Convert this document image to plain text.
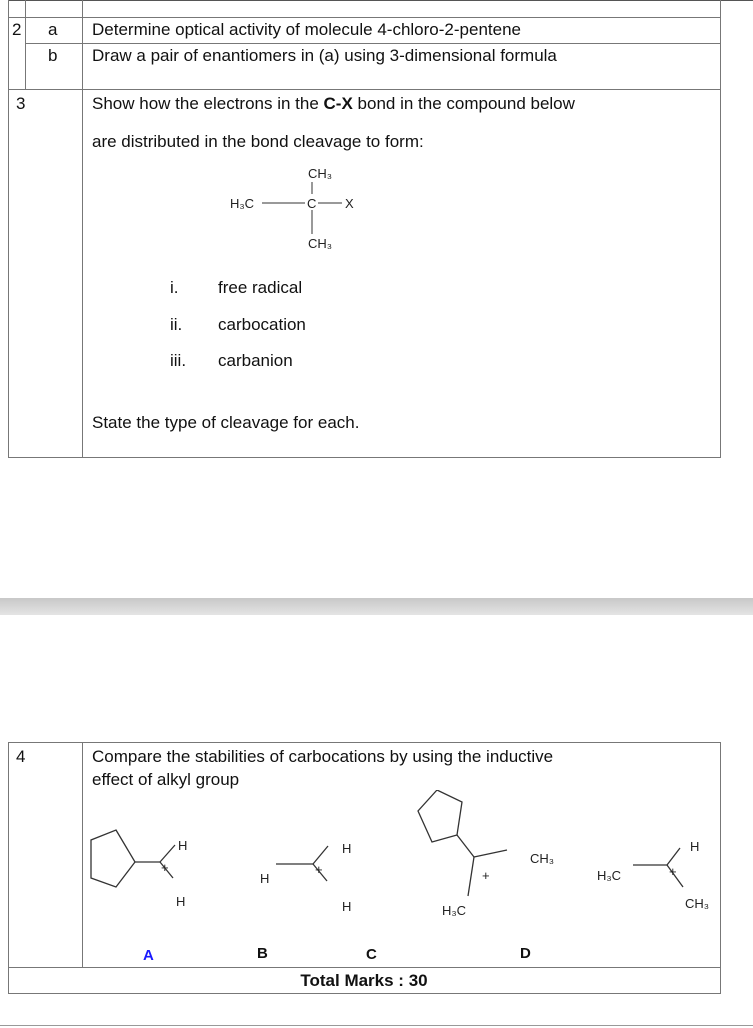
2 a Determine optical activity of molecule 4-chloro-2-pentene
b Draw a pair of enantiomers in (a) using 3-dimensional formula
3	Show how the electrons in the C-X bond in the compound below
are distributed in the bond cleavage to form:
CH₃
H₃C	C X
CH₃
i. free radical
ii. carbocation
iii. carbanion
State the type of cleavage for each.
4	Compare the stabilities of carbocations by using the inductive
effect of alkyl group
H
+
H
H
H
+
H
CH₃
+
H₃C
H₃C	+
H
CH₃
A	B	C	D
Total Marks : 30
